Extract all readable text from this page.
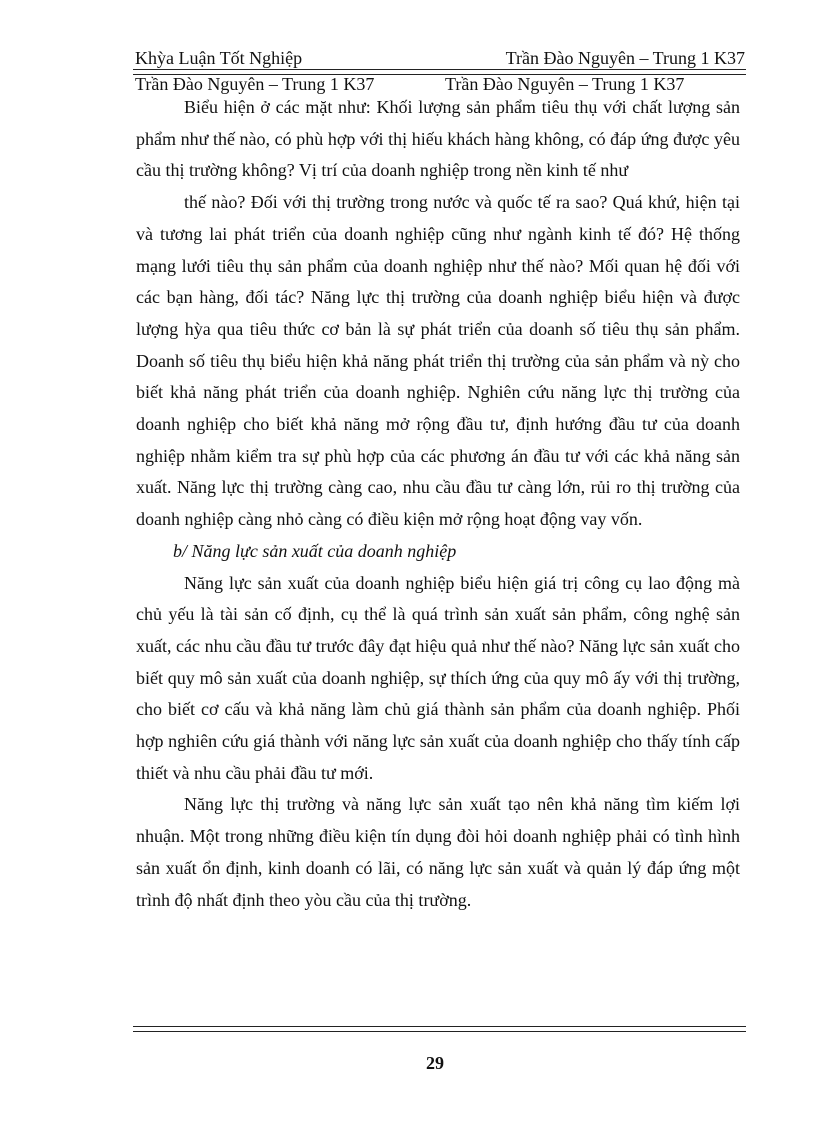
Khỳa Luận Tốt Nghiệp	Trần Đào Nguyên – Trung 1 K37
Trần Đào Nguyên – Trung 1 K37	Trần Đào Nguyên – Trung 1 K37

Biểu hiện ở các mặt như: Khối lượng sản phẩm tiêu thụ với chất lượng sản phẩm như thế nào, có phù hợp với thị hiếu khách hàng không, có đáp ứng được yêu cầu thị trường không? Vị trí của doanh nghiệp trong nền kinh tế như

thế nào? Đối với thị trường trong nước và quốc tế ra sao? Quá khứ, hiện tại và tương lai phát triển của doanh nghiệp cũng như ngành kinh tế đó? Hệ thống mạng lưới tiêu thụ sản phẩm của doanh nghiệp như thế nào? Mối quan hệ đối với các bạn hàng, đối tác? Năng lực thị trường của doanh nghiệp biểu hiện và được lượng hỳa qua tiêu thức cơ bản là sự phát triển của doanh số tiêu thụ sản phẩm. Doanh số tiêu thụ biểu hiện khả năng phát triển thị trường của sản phẩm và nỳ cho biết khả năng phát triển của doanh nghiệp. Nghiên cứu năng lực thị trường của doanh nghiệp cho biết khả năng mở rộng đầu tư, định hướng đầu tư của doanh nghiệp nhằm kiểm tra sự phù hợp của các phương án đầu tư với các khả năng sản xuất. Năng lực thị trường càng cao, nhu cầu đầu tư càng lớn, rủi ro thị trường của doanh nghiệp càng nhỏ càng có điều kiện mở rộng hoạt động vay vốn.

b/ Năng lực sản xuất của doanh nghiệp

Năng lực sản xuất của doanh nghiệp biểu hiện giá trị công cụ lao động mà chủ yếu là tài sản cố định, cụ thể là quá trình sản xuất sản phẩm, công nghệ sản xuất, các nhu cầu đầu tư trước đây đạt hiệu quả như thế nào? Năng lực sản xuất cho biết quy mô sản xuất của doanh nghiệp, sự thích ứng của quy mô ấy với thị trường, cho biết cơ cấu và khả năng làm chủ giá thành sản phẩm của doanh nghiệp. Phối hợp nghiên cứu giá thành với năng lực sản xuất của doanh nghiệp cho thấy tính cấp thiết và nhu cầu phải đầu tư mới.

Năng lực thị trường và năng lực sản xuất tạo nên khả năng tìm kiếm lợi nhuận. Một trong những điều kiện tín dụng đòi hỏi doanh nghiệp phải có tình hình sản xuất ổn định, kinh doanh có lãi, có năng lực sản xuất và quản lý đáp ứng một trình độ nhất định theo yòu cầu của thị trường.

29
